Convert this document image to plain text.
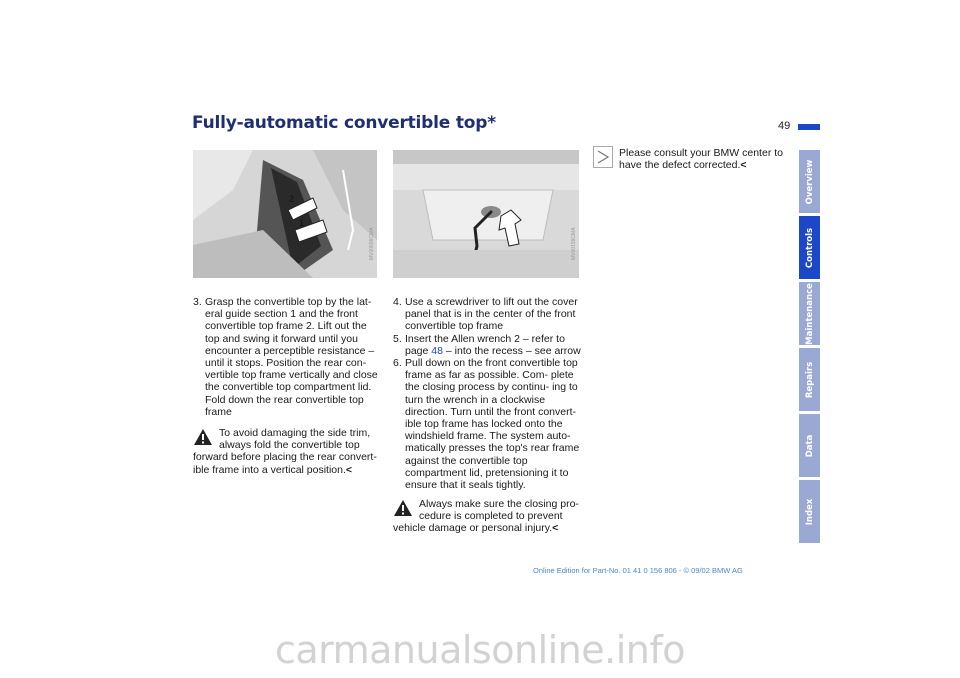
Fully-automatic convertible top*	49
Overview
Controls
Maintenance
Repairs
Data
Index
2
1
MV00686CMA	MV00159CMA
3. Grasp the convertible top by the lat- eral guide section 1 and the front convertible top frame 2. Lift out the top and swing it forward until you encounter a perceptible resistance – until it stops. Position the rear con- vertible top frame vertically and close the convertible top compartment lid. Fold down the rear convertible top frame
To avoid damaging the side trim, always fold the convertible top forward before placing the rear convert- ible frame into a vertical position.<
4. Use a screwdriver to lift out the cover panel that is in the center of the front convertible top frame
5. Insert the Allen wrench 2 – refer to page 48 – into the recess – see arrow
6. Pull down on the front convertible top frame as far as possible. Com- plete the closing process by continu- ing to turn the wrench in a clockwise direction. Turn until the front convert- ible top frame has locked onto the windshield frame. The system auto- matically presses the top's rear frame against the convertible top compartment lid, pretensioning it to ensure that it seals tightly.
Always make sure the closing pro- cedure is completed to prevent vehicle damage or personal injury.<
Please consult your BMW center to have the defect corrected.<
Online Edition for Part-No. 01 41 0 156 806 - © 09/02 BMW AG
carmanualsonline.info
